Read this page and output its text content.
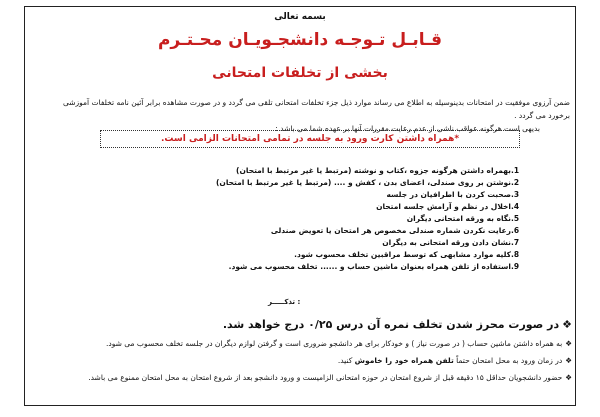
بسمه تعالی
قـابـل تـوجـه دانشجـویـان محـتـرم
بخشی از تخلفات امتحانی
ضمن آرزوی موفقیت در امتحانات بدینوسیله به اطلاع می رساند موارد ذیل جزء تخلفات امتحانی تلقی می گردد و در صورت مشاهده برابر آئین نامه تخلفات آموزشی برخورد می گردد .
بدیهی است هرگونه عواقب ناشی از عدم رعایت مقررات آنها بر عهده شما می باشد :
*همراه داشتن کارت ورود به جلسه در تمامی امتحانات الزامی است.
1.
بهمراه داشتن هرگونه جزوه ،کتاب و نوشته (مرتبط یا غیر مرتبط با امتحان)
2.
نوشتن بر روی صندلی، اعضای بدن ، کفش و .... (مرتبط یا غیر مرتبط با امتحان)
3.
صحبت کردن با اطرافیان در جلسه
4.
اخلال در نظم و آرامش جلسه امتحان
5.
نگاه به ورقه امتحانی دیگران
6.
رعایت نکردن شماره صندلی مخصوص هر امتحان یا تعویض صندلی
7.
نشان دادن ورقه امتحانی به دیگران
8.
کلیه موارد مشابهی که توسط مراقبین تخلف محسوب شود.
9.
استفاده از تلفن همراه بعنوان ماشین حساب و ...... تخلف محسوب می شود.
تذکـــــر :
❖در صورت محرز شدن تخلف نمره آن درس ۰/۲۵ درج خواهد شد.
❖به همراه داشتن ماشین حساب ( در صورت نیاز ) و خودکار برای هر دانشجو ضروری است و گرفتن لوازم دیگران در جلسه تخلف محسوب می شود.
❖در زمان ورود به محل امتحان حتماً تلفن همراه خود را خاموش کنید.
❖حضور دانشجویان حداقل ۱۵ دقیقه قبل از شروع امتحان در حوزه امتحانی الزامیست و ورود دانشجو بعد از شروع امتحان به محل امتحان ممنوع می باشد.
